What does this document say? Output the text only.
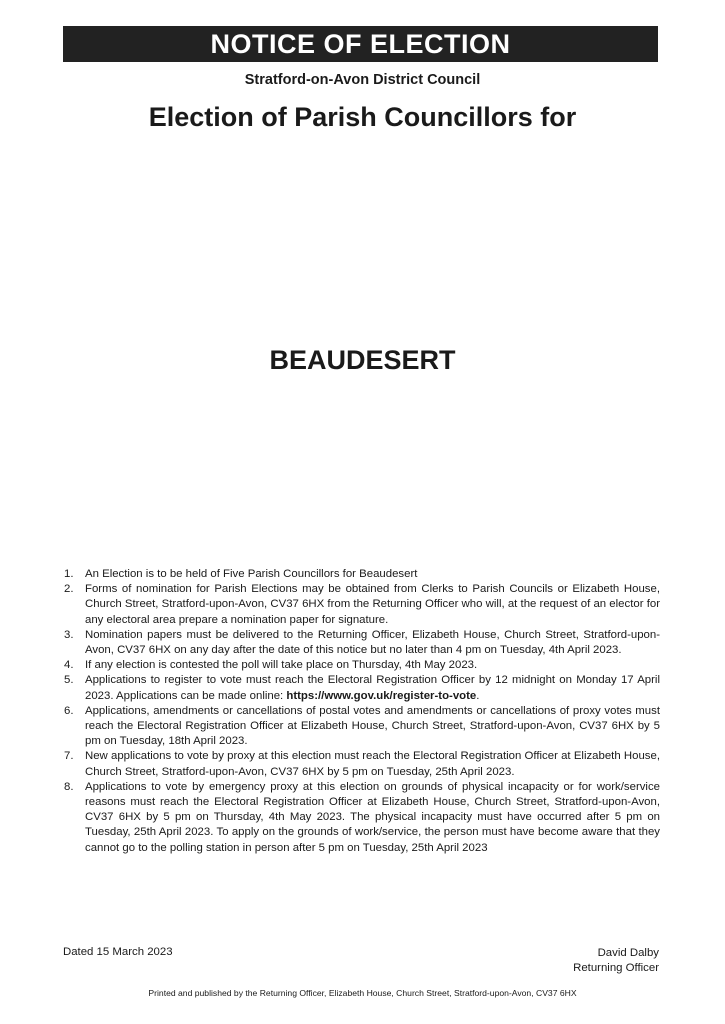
NOTICE OF ELECTION
Stratford-on-Avon District Council
Election of Parish Councillors for
BEAUDESERT
1. An Election is to be held of Five Parish Councillors for Beaudesert
2. Forms of nomination for Parish Elections may be obtained from Clerks to Parish Councils or Elizabeth House, Church Street, Stratford-upon-Avon, CV37 6HX from the Returning Officer who will, at the request of an elector for any electoral area prepare a nomination paper for signature.
3. Nomination papers must be delivered to the Returning Officer, Elizabeth House, Church Street, Stratford-upon-Avon, CV37 6HX on any day after the date of this notice but no later than 4 pm on Tuesday, 4th April 2023.
4. If any election is contested the poll will take place on Thursday, 4th May 2023.
5. Applications to register to vote must reach the Electoral Registration Officer by 12 midnight on Monday 17 April 2023. Applications can be made online: https://www.gov.uk/register-to-vote.
6. Applications, amendments or cancellations of postal votes and amendments or cancellations of proxy votes must reach the Electoral Registration Officer at Elizabeth House, Church Street, Stratford-upon-Avon, CV37 6HX by 5 pm on Tuesday, 18th April 2023.
7. New applications to vote by proxy at this election must reach the Electoral Registration Officer at Elizabeth House, Church Street, Stratford-upon-Avon, CV37 6HX by 5 pm on Tuesday, 25th April 2023.
8. Applications to vote by emergency proxy at this election on grounds of physical incapacity or for work/service reasons must reach the Electoral Registration Officer at Elizabeth House, Church Street, Stratford-upon-Avon, CV37 6HX by 5 pm on Thursday, 4th May 2023. The physical incapacity must have occurred after 5 pm on Tuesday, 25th April 2023. To apply on the grounds of work/service, the person must have become aware that they cannot go to the polling station in person after 5 pm on Tuesday, 25th April 2023
Dated 15 March 2023	David Dalby
Returning Officer
Printed and published by the Returning Officer, Elizabeth House, Church Street, Stratford-upon-Avon, CV37 6HX
